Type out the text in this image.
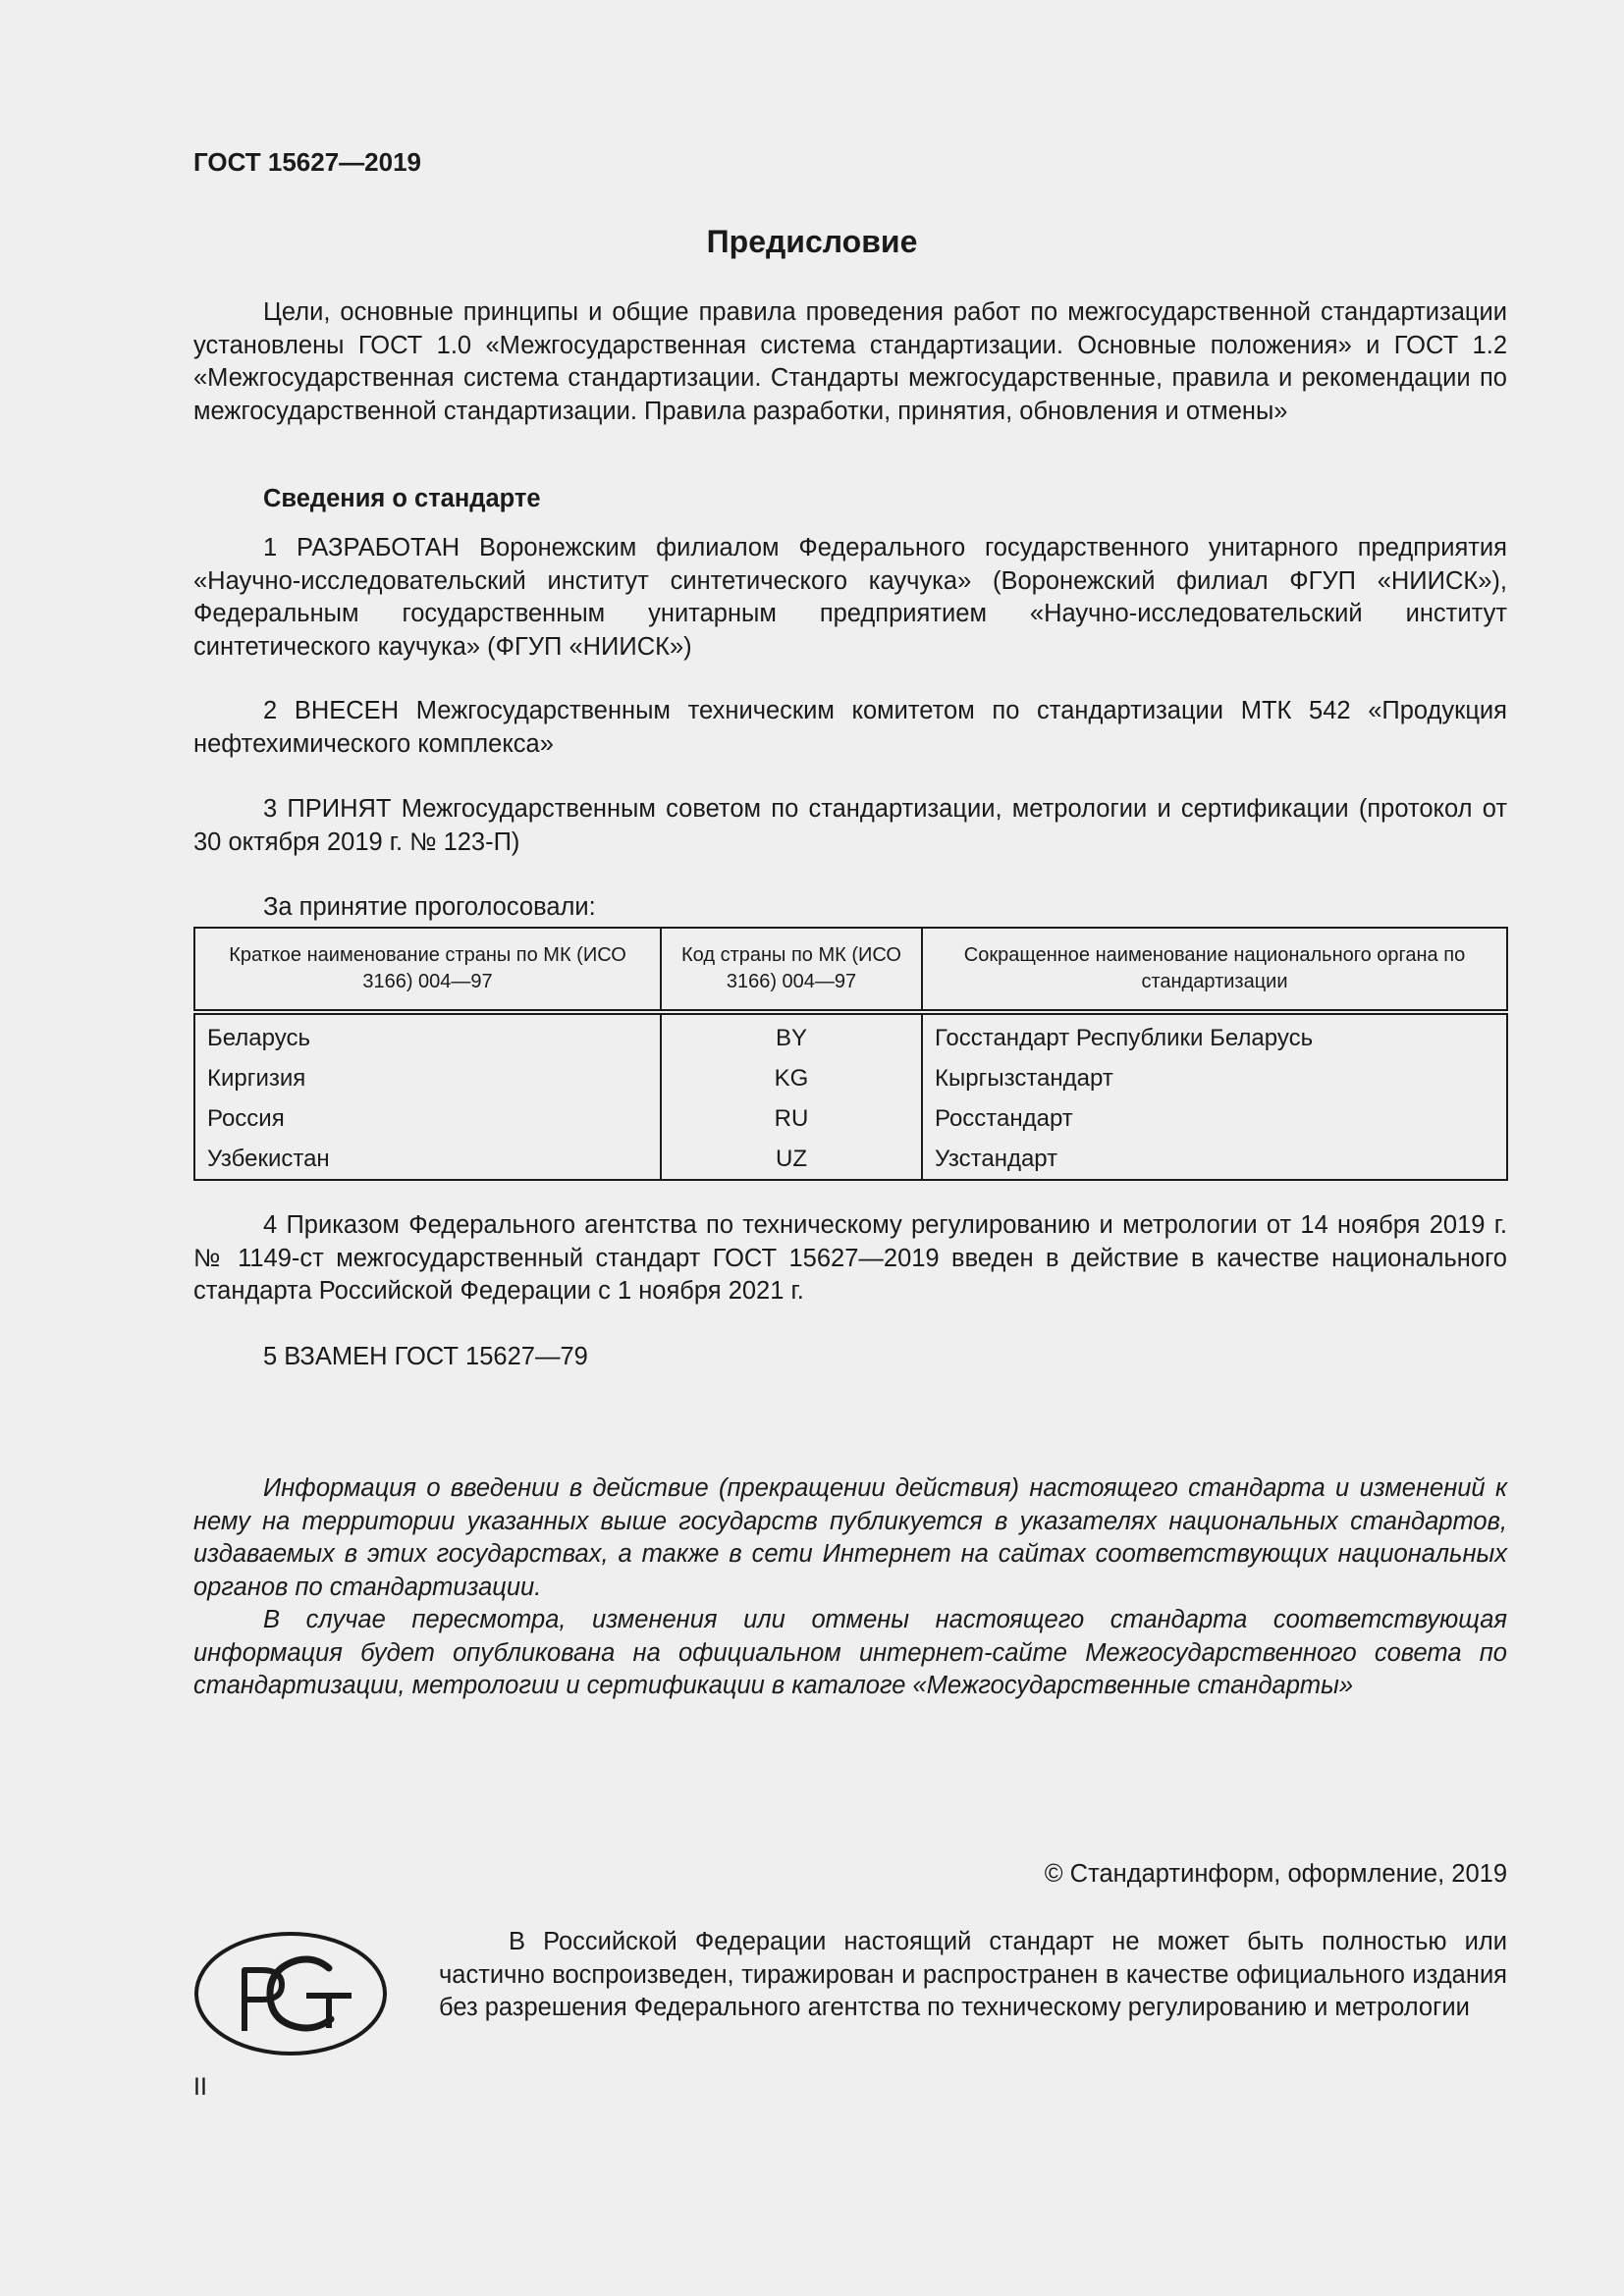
ГОСТ 15627—2019
Предисловие

Цели, основные принципы и общие правила проведения работ по межгосударственной стандартизации установлены ГОСТ 1.0 «Межгосударственная система стандартизации. Основные положения» и ГОСТ 1.2 «Межгосударственная система стандартизации. Стандарты межгосударственные, правила и рекомендации по межгосударственной стандартизации. Правила разработки, принятия, обновления и отмены»

Сведения о стандарте

1 РАЗРАБОТАН Воронежским филиалом Федерального государственного унитарного предприятия «Научно-исследовательский институт синтетического каучука» (Воронежский филиал ФГУП «НИИСК»), Федеральным государственным унитарным предприятием «Научно-исследовательский институт синтетического каучука» (ФГУП «НИИСК»)

2 ВНЕСЕН Межгосударственным техническим комитетом по стандартизации МТК 542 «Продукция нефтехимического комплекса»

3 ПРИНЯТ Межгосударственным советом по стандартизации, метрологии и сертификации (протокол от 30 октября 2019 г. № 123-П)

За принятие проголосовали:

Краткое наименование страны по МК (ИСО 3166) 004—97	Код страны по МК (ИСО 3166) 004—97	Сокращенное наименование национального органа по стандартизации
Беларусь	BY	Госстандарт Республики Беларусь
Киргизия	KG	Кыргызстандарт
Россия	RU	Росстандарт
Узбекистан	UZ	Узстандарт

4 Приказом Федерального агентства по техническому регулированию и метрологии от 14 ноября 2019 г. № 1149-ст межгосударственный стандарт ГОСТ 15627—2019 введен в действие в качестве национального стандарта Российской Федерации с 1 ноября 2021 г.

5 ВЗАМЕН ГОСТ 15627—79

Информация о введении в действие (прекращении действия) настоящего стандарта и изменений к нему на территории указанных выше государств публикуется в указателях национальных стандартов, издаваемых в этих государствах, а также в сети Интернет на сайтах соответствующих национальных органов по стандартизации.

В случае пересмотра, изменения или отмены настоящего стандарта соответствующая информация будет опубликована на официальном интернет-сайте Межгосударственного совета по стандартизации, метрологии и сертификации в каталоге «Межгосударственные стандарты»

© Стандартинформ, оформление, 2019

В Российской Федерации настоящий стандарт не может быть полностью или частично воспроизведен, тиражирован и распространен в качестве официального издания без разрешения Федерального агентства по техническому регулированию и метрологии

II
